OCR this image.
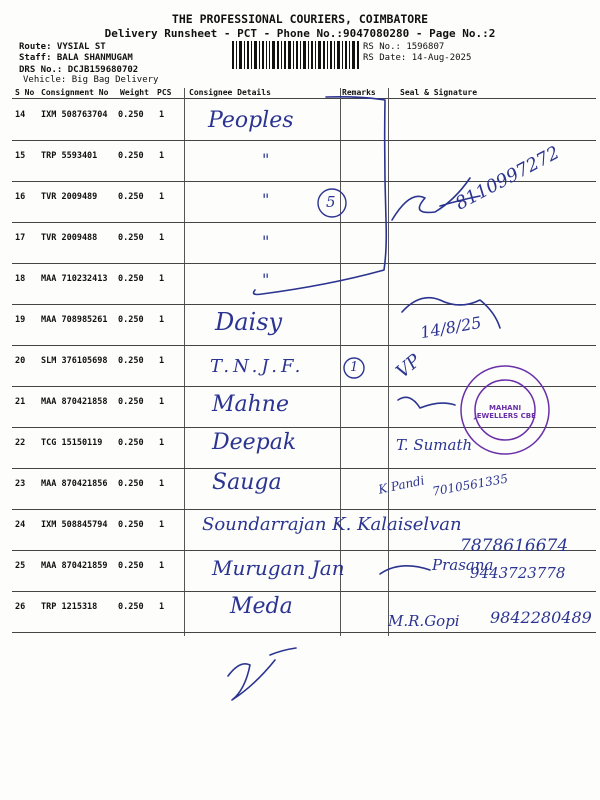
THE PROFESSIONAL COURIERS, COIMBATORE
Delivery Runsheet - PCT - Phone No.:9047080280 - Page No.:2
Route: VYSIAL ST
Staff: BALA SHANMUGAM
DRS No.: DCJB159680702
Vehicle: Big Bag Delivery
RS No.: 1596807
RS Date: 14-Aug-2025
S No Consignment No Weight PCS Consignee Details	Remarks	Seal & Signature
14 IXM 508763704 0.250 1
15 TRP 5593401 0.250 1
16 TVR 2009489 0.250 1
17 TVR 2009488 0.250 1
18 MAA 710232413 0.250 1
19 MAA 708985261 0.250 1
20 SLM 376105698 0.250 1
21 MAA 870421858 0.250 1
22 TCG 15150119 0.250 1
23 MAA 870421856 0.250 1
24 IXM 508845794 0.250 1
25 MAA 870421859 0.250 1
26 TRP 1215318 0.250 1
Peoples
"
"
"
"
Daisy
T.N.J.F.
Mahne
Deepak
Sauga
Soundarrajan K. Kalaiselvan
Murugan Jan
Meda
5
1
8110997272
14/8/25
VP
T. Sumath
K Pandi 7010561335
7878616674
Prasana
9443723778
M.R.Gopi 9842280489
MAHANI JEWELLERS CBE
